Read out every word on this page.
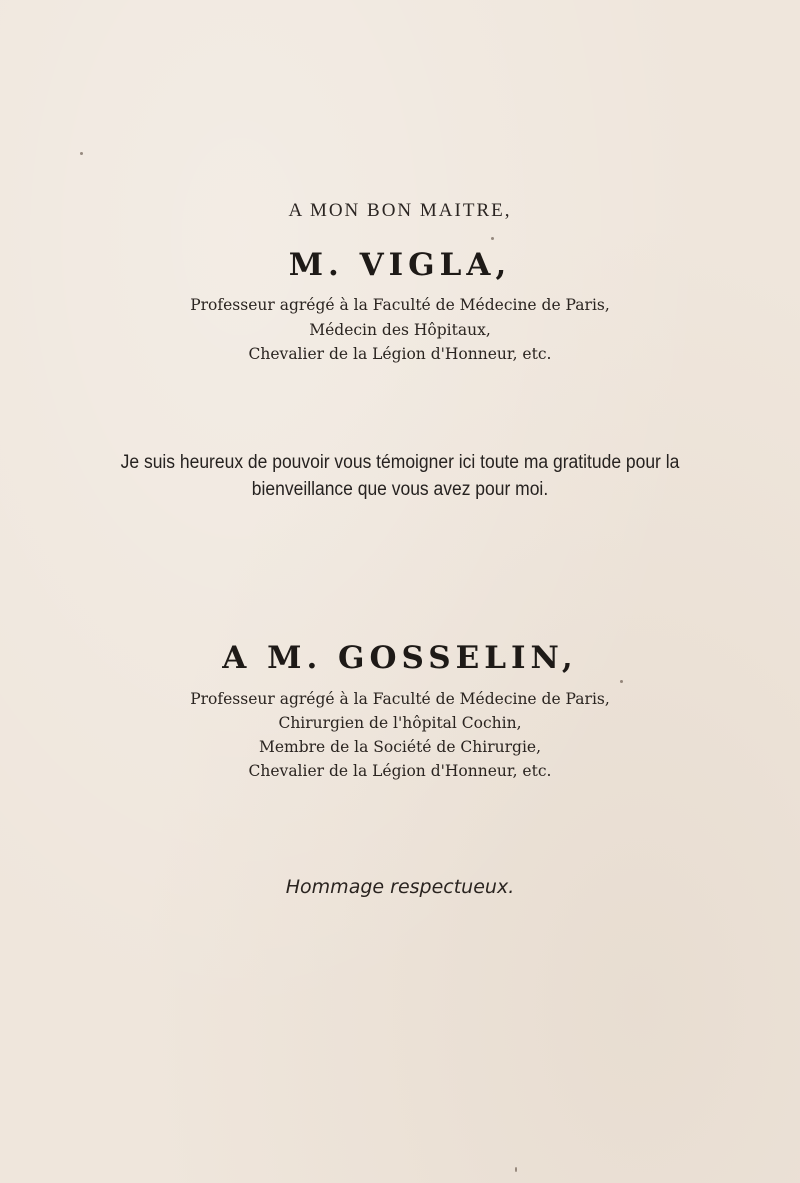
A MON BON MAITRE,
M. VIGLA,
Professeur agrégé à la Faculté de Médecine de Paris,
Médecin des Hôpitaux,
Chevalier de la Légion d'Honneur, etc.
Je suis heureux de pouvoir vous témoigner ici toute ma gratitude pour la
bienveillance que vous avez pour moi.
A M. GOSSELIN,
Professeur agrégé à la Faculté de Médecine de Paris,
Chirurgien de l'hôpital Cochin,
Membre de la Société de Chirurgie,
Chevalier de la Légion d'Honneur, etc.
Hommage respectueux.
